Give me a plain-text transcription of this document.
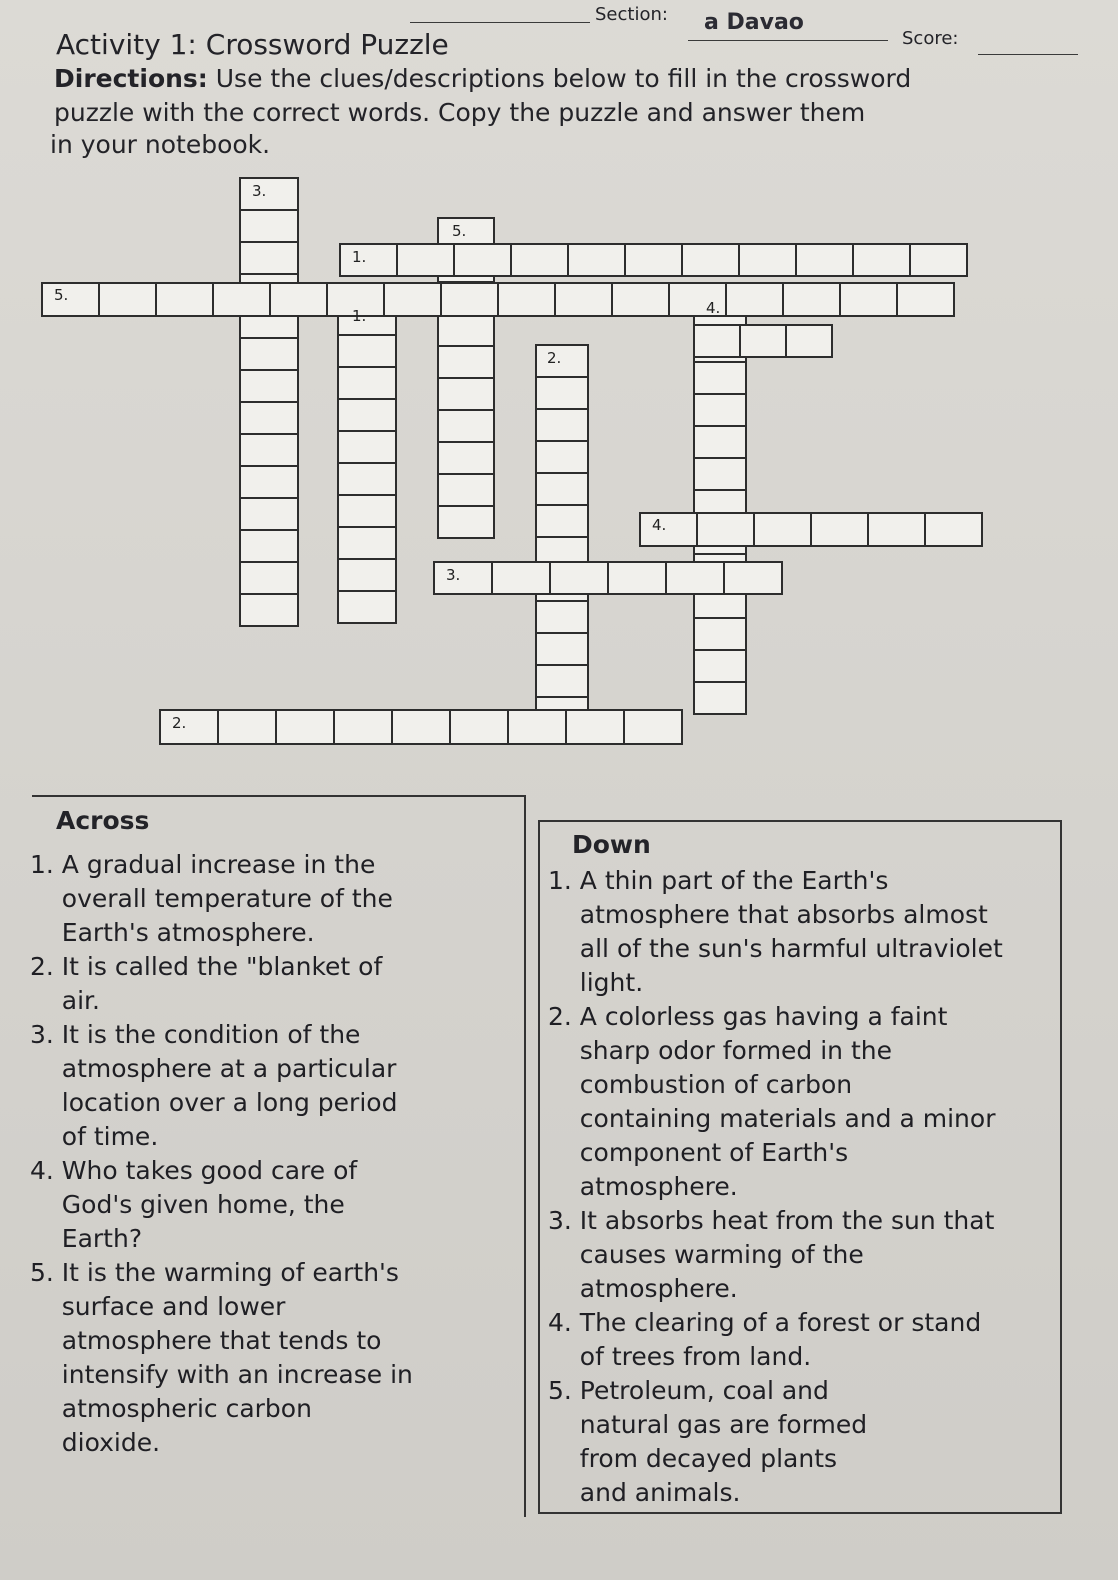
Section: a Davao
Score:
Activity 1: Crossword Puzzle
Directions: Use the clues/descriptions below to fill in the crossword
puzzle with the correct words. Copy the puzzle and answer them
in your notebook.
3.
5.
1.
5.
1.	4.
2.
4.
3.
2.
Across
1. A gradual increase in the
overall temperature of the
Earth's atmosphere.
2. It is called the "blanket of
air.
3. It is the condition of the
atmosphere at a particular
location over a long period
of time.
4. Who takes good care of
God's given home, the
Earth?
5. It is the warming of earth's
surface and lower
atmosphere that tends to
intensify with an increase in
atmospheric carbon
dioxide.
Down
1. A thin part of the Earth's
atmosphere that absorbs almost
all of the sun's harmful ultraviolet
light.
2. A colorless gas having a faint
sharp odor formed in the
combustion of carbon
containing materials and a minor
component of Earth's
atmosphere.
3. It absorbs heat from the sun that
causes warming of the
atmosphere.
4. The clearing of a forest or stand
of trees from land.
5. Petroleum, coal and
natural gas are formed
from decayed plants
and animals.
